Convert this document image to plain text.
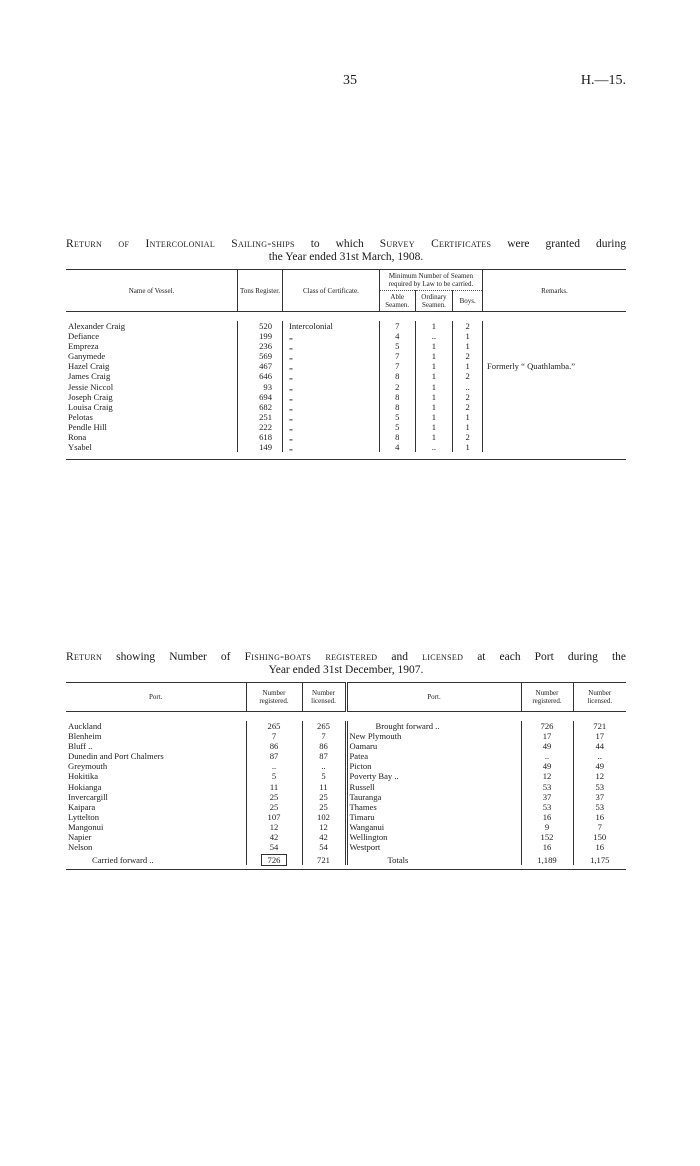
35	H.—15.
Return of Intercolonial Sailing-ships to which Survey Certificates were granted during
the Year ended 31st March, 1908.
Name of Vessel.	Tons Register.	Class of Certificate.	Minimum Number of Seamen required by Law to be carried.			Remarks.
			Able Seamen.	Ordinary Seamen.	Boys.	

Alexander Craig	520	Intercolonial	7	1	2	
Defiance	199	„	4	..	1	
Empreza	236	„	5	1	1	
Ganymede	569	„	7	1	2	
Hazel Craig	467	„	7	1	1	Formerly “ Quathlamba.”
James Craig	646	„	8	1	2	
Jessie Niccol	93	„	2	1	..	
Joseph Craig	694	„	8	1	2	
Louisa Craig	682	„	8	1	2	
Pelotas	251	„	5	1	1	
Pendle Hill	222	„	5	1	1	
Rona	618	„	8	1	2	
Ysabel	149	„	4	..	1	

Return showing Number of Fishing-boats registered and licensed at each Port during the
Year ended 31st December, 1907.
Port.	Number registered.	Number licensed.	Port.	Number registered.	Number licensed.

Auckland	265	265	Brought forward ..	726	721
Blenheim	7	7	New Plymouth	17	17
Bluff ..	86	86	Oamaru	49	44
Dunedin and Port Chalmers	87	87	Patea	..	..
Greymouth	..	..	Picton	49	49
Hokitika	5	5	Poverty Bay ..	12	12
Hokianga	11	11	Russell	53	53
Invercargill	25	25	Tauranga	37	37
Kaipara	25	25	Thames	53	53
Lyttelton	107	102	Timaru	16	16
Mangonui	12	12	Wanganui	9	7
Napier	42	42	Wellington	152	150
Nelson	54	54	Westport	16	16
Carried forward ..	726	721	Totals	1,189	1,175
